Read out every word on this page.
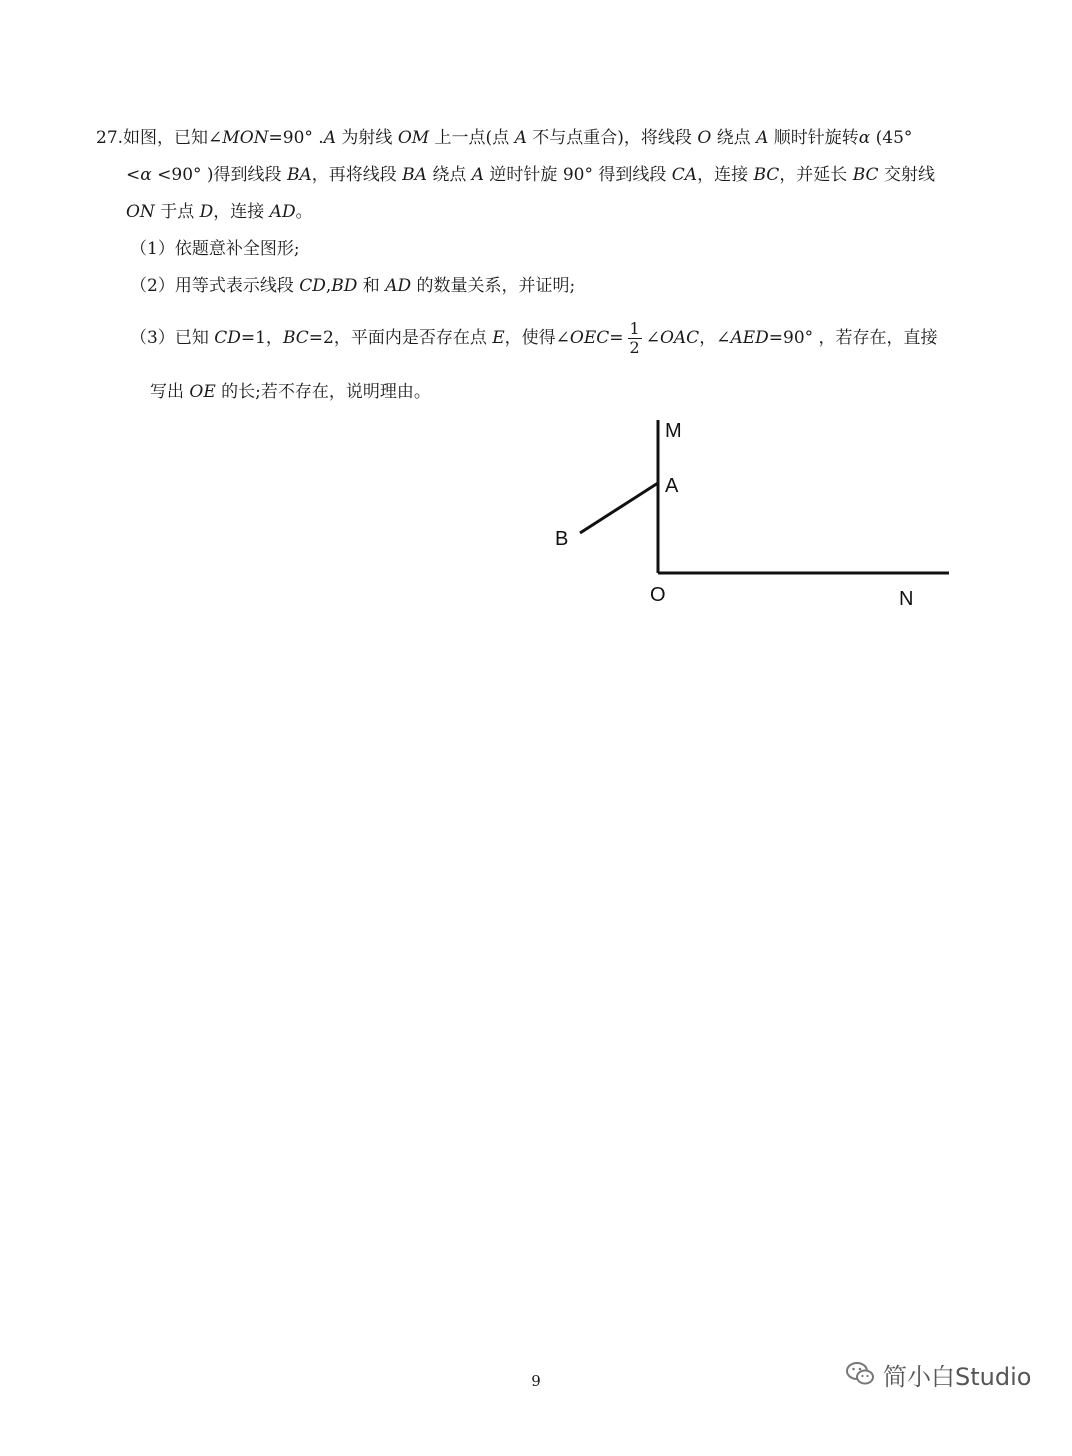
27.如图，已知∠MON=90° .A 为射线 OM 上一点(点 A 不与点重合)，将线段 O 绕点 A 顺时针旋转α (45°
<α <90° )得到线段 BA，再将线段 BA 绕点 A 逆时针旋 90° 得到线段 CA，连接 BC，并延长 BC 交射线
ON 于点 D，连接 AD。
（1）依题意补全图形;
（2）用等式表示线段 CD,BD 和 AD 的数量关系，并证明;
（3）已知 CD=1，BC=2，平面内是否存在点 E，使得∠OEC= $\frac{1}{2}$ ∠OAC，∠AED=90° ，若存在，直接
写出 OE 的长;若不存在，说明理由。
M
A
B
O	N
9	简小白Studio
